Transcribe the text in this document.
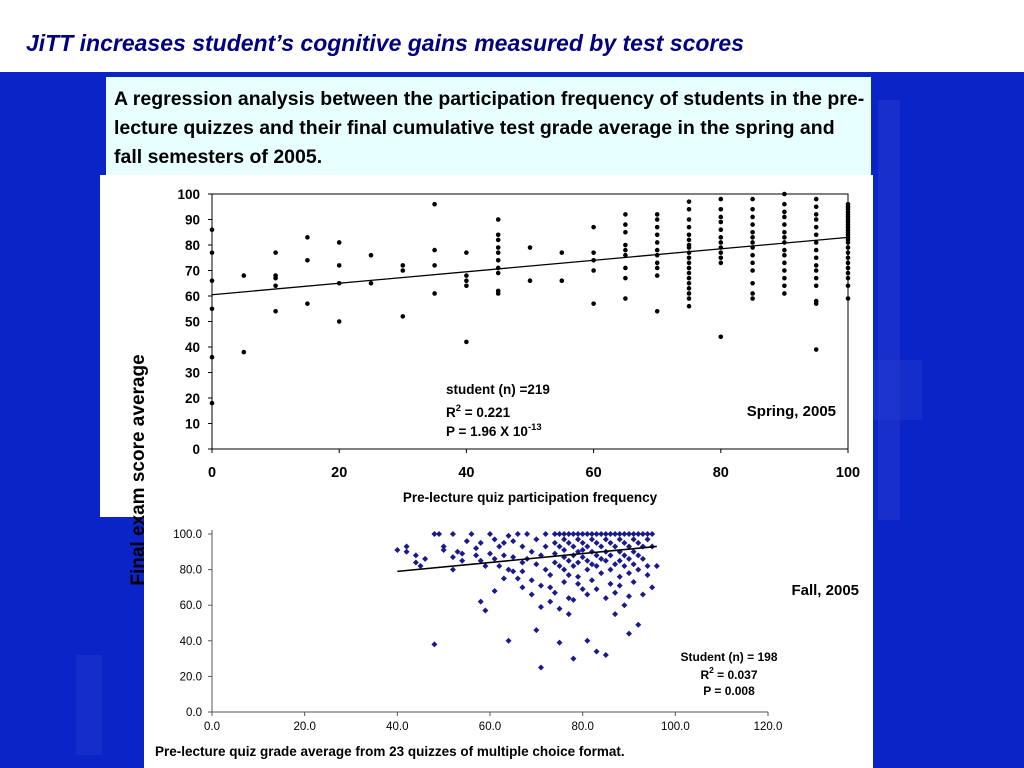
JiTT increases student’s cognitive gains measured by test scores
A regression analysis between the participation frequency of students in the pre-lecture quizzes and their final cumulative test grade average in the spring and fall semesters of 2005.
0
10
20
30
40
50
60
70
80
90
100
0	20	40	60	80	100
Pre-lecture quiz participation frequency
Spring, 2005
student (n) =219
$R^2 = 0.221$
P = 1.96 X $10^{-13}$
0.0
20.0
40.0
60.0
80.0
100.0
0.0	20.0	40.0	60.0	80.0	100.0	120.0
Fall, 2005
Student (n) = 198
$R^2 = 0.037$
P = 0.008
Final exam score average
Pre-lecture quiz grade average from 23 quizzes of multiple choice format.
